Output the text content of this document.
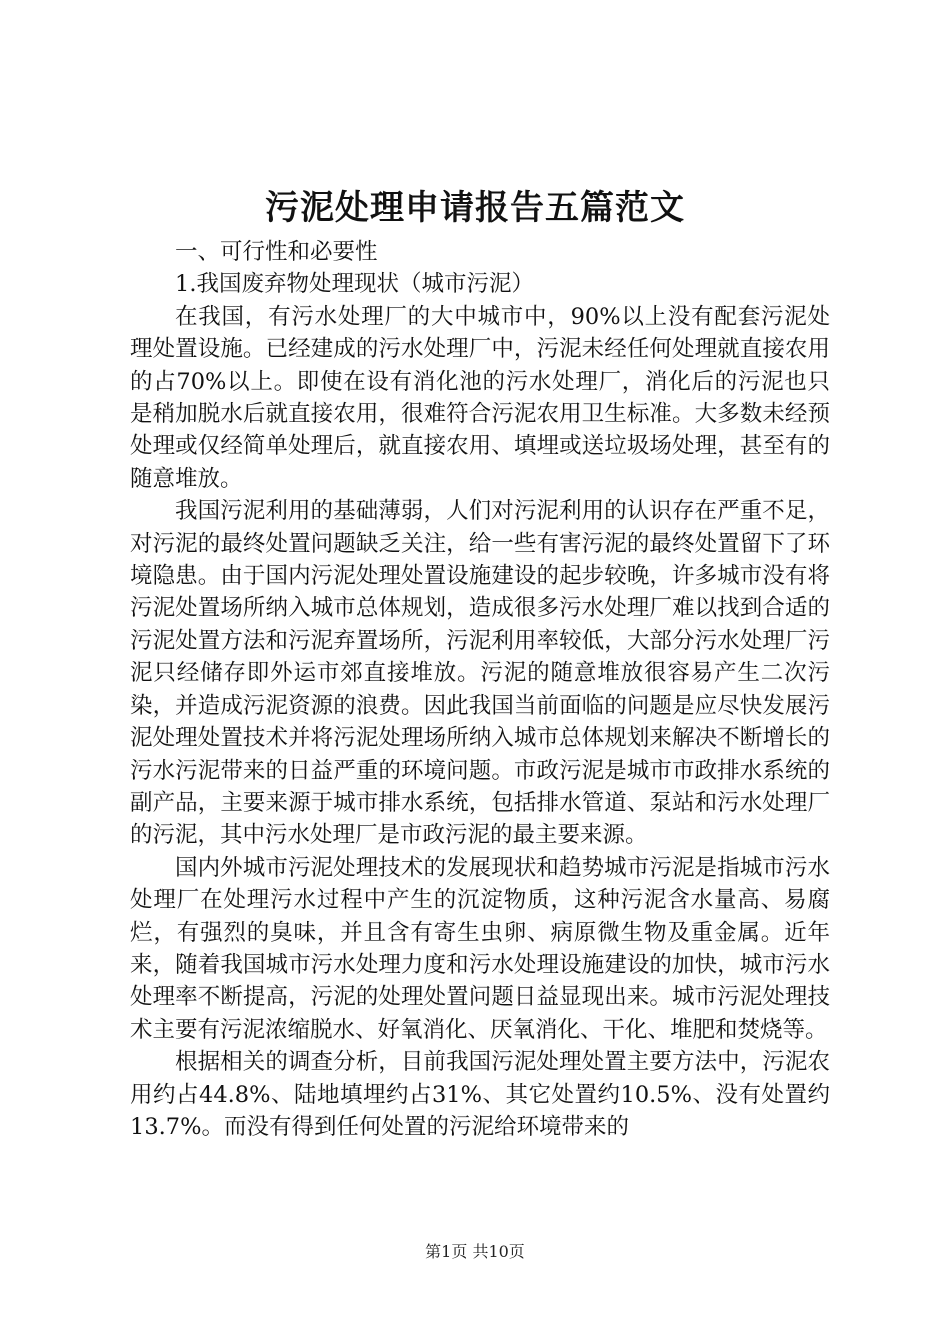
污泥处理申请报告五篇范文

一、可行性和必要性

1.我国废弃物处理现状（城市污泥）

在我国，有污水处理厂的大中城市中，90%以上没有配套污泥处理处置设施。已经建成的污水处理厂中，污泥未经任何处理就直接农用的占70%以上。即使在设有消化池的污水处理厂，消化后的污泥也只是稍加脱水后就直接农用，很难符合污泥农用卫生标准。大多数未经预处理或仅经简单处理后，就直接农用、填埋或送垃圾场处理，甚至有的随意堆放。

我国污泥利用的基础薄弱，人们对污泥利用的认识存在严重不足，对污泥的最终处置问题缺乏关注，给一些有害污泥的最终处置留下了环境隐患。由于国内污泥处理处置设施建设的起步较晚，许多城市没有将污泥处置场所纳入城市总体规划，造成很多污水处理厂难以找到合适的污泥处置方法和污泥弃置场所，污泥利用率较低，大部分污水处理厂污泥只经储存即外运市郊直接堆放。污泥的随意堆放很容易产生二次污染，并造成污泥资源的浪费。因此我国当前面临的问题是应尽快发展污泥处理处置技术并将污泥处理场所纳入城市总体规划来解决不断增长的污水污泥带来的日益严重的环境问题。市政污泥是城市市政排水系统的副产品，主要来源于城市排水系统，包括排水管道、泵站和污水处理厂的污泥，其中污水处理厂是市政污泥的最主要来源。

国内外城市污泥处理技术的发展现状和趋势城市污泥是指城市污水处理厂在处理污水过程中产生的沉淀物质，这种污泥含水量高、易腐烂，有强烈的臭味，并且含有寄生虫卵、病原微生物及重金属。近年来，随着我国城市污水处理力度和污水处理设施建设的加快，城市污水处理率不断提高，污泥的处理处置问题日益显现出来。城市污泥处理技术主要有污泥浓缩脱水、好氧消化、厌氧消化、干化、堆肥和焚烧等。

根据相关的调查分析，目前我国污泥处理处置主要方法中，污泥农用约占44.8%、陆地填埋约占31%、其它处置约10.5%、没有处置约13.7%。而没有得到任何处置的污泥给环境带来的

第1页 共10页
